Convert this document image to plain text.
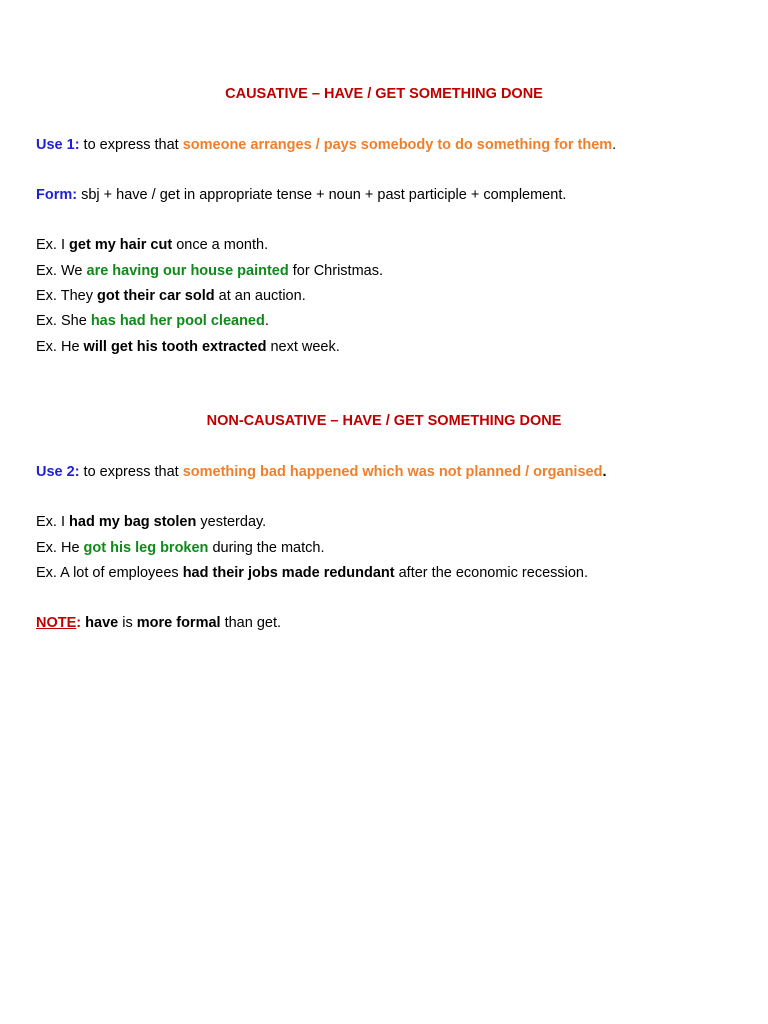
CAUSATIVE – HAVE / GET SOMETHING DONE
Use 1: to express that someone arranges / pays somebody to do something for them.
Form: sbj + have / get in appropriate tense + noun + past participle + complement.
Ex. I get my hair cut once a month.
Ex. We are having our house painted for Christmas.
Ex. They got their car sold at an auction.
Ex. She has had her pool cleaned.
Ex. He will get his tooth extracted next week.
NON-CAUSATIVE – HAVE / GET SOMETHING DONE
Use 2: to express that something bad happened which was not planned / organised.
Ex. I had my bag stolen yesterday.
Ex. He got his leg broken during the match.
Ex. A lot of employees had their jobs made redundant after the economic recession.
NOTE: have is more formal than get.
